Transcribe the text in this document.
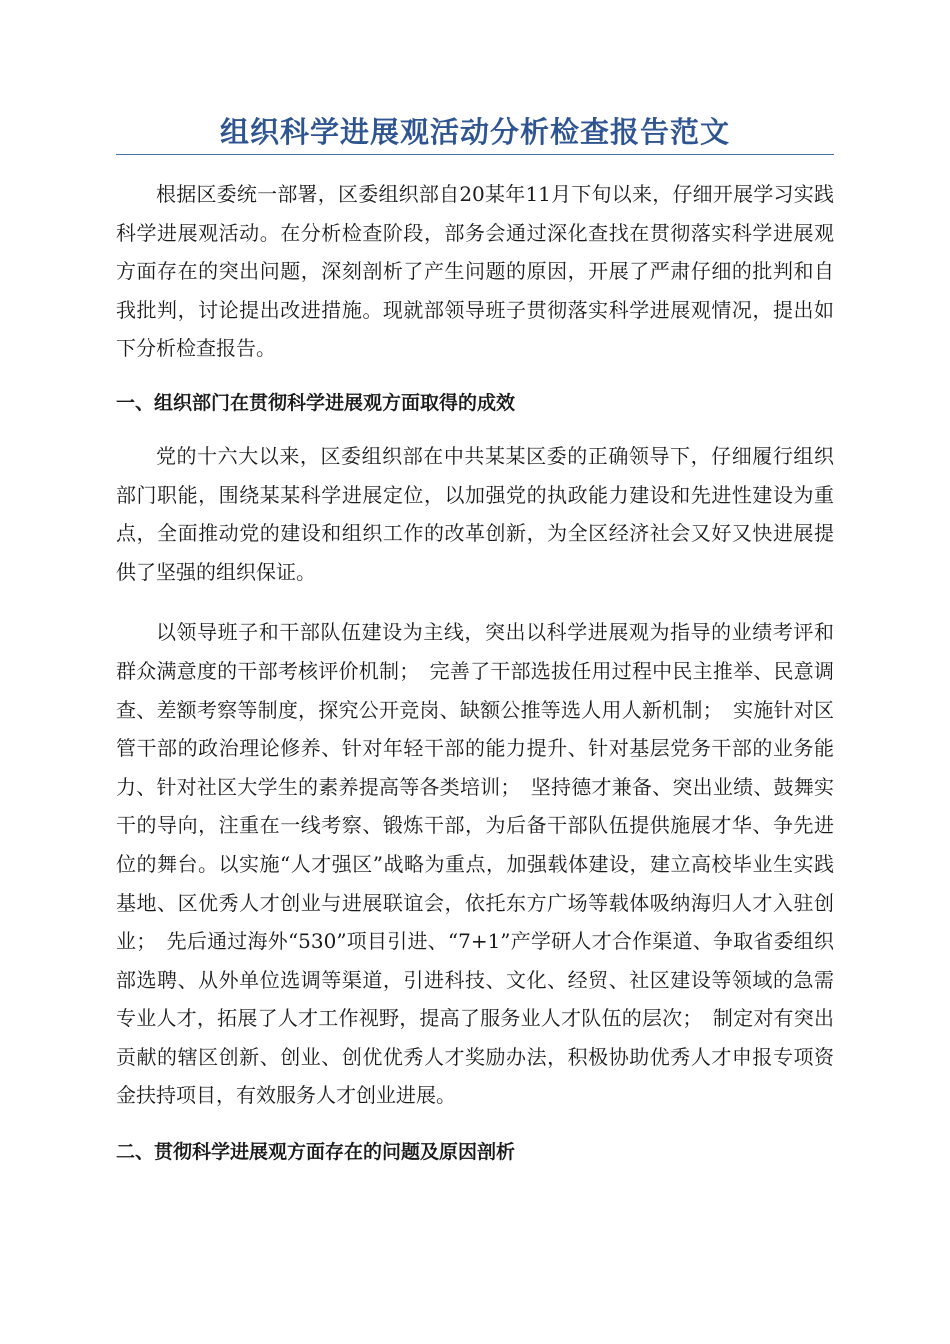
组织科学进展观活动分析检查报告范文

根据区委统一部署，区委组织部自20某年11月下旬以来，仔细开展学习实践科学进展观活动。在分析检查阶段，部务会通过深化查找在贯彻落实科学进展观方面存在的突出问题，深刻剖析了产生问题的原因，开展了严肃仔细的批判和自我批判，讨论提出改进措施。现就部领导班子贯彻落实科学进展观情况，提出如下分析检查报告。

一、组织部门在贯彻科学进展观方面取得的成效

党的十六大以来，区委组织部在中共某某区委的正确领导下，仔细履行组织部门职能，围绕某某科学进展定位，以加强党的执政能力建设和先进性建设为重点，全面推动党的建设和组织工作的改革创新，为全区经济社会又好又快进展提供了坚强的组织保证。

以领导班子和干部队伍建设为主线，突出以科学进展观为指导的业绩考评和群众满意度的干部考核评价机制；　完善了干部选拔任用过程中民主推举、民意调查、差额考察等制度，探究公开竞岗、缺额公推等选人用人新机制；　实施针对区管干部的政治理论修养、针对年轻干部的能力提升、针对基层党务干部的业务能力、针对社区大学生的素养提高等各类培训；　坚持德才兼备、突出业绩、鼓舞实干的导向，注重在一线考察、锻炼干部，为后备干部队伍提供施展才华、争先进位的舞台。以实施“人才强区”战略为重点，加强载体建设，建立高校毕业生实践基地、区优秀人才创业与进展联谊会，依托东方广场等载体吸纳海归人才入驻创业；　先后通过海外“530”项目引进、“7+1”产学研人才合作渠道、争取省委组织部选聘、从外单位选调等渠道，引进科技、文化、经贸、社区建设等领域的急需专业人才，拓展了人才工作视野，提高了服务业人才队伍的层次；　制定对有突出贡献的辖区创新、创业、创优优秀人才奖励办法，积极协助优秀人才申报专项资金扶持项目，有效服务人才创业进展。

二、贯彻科学进展观方面存在的问题及原因剖析
